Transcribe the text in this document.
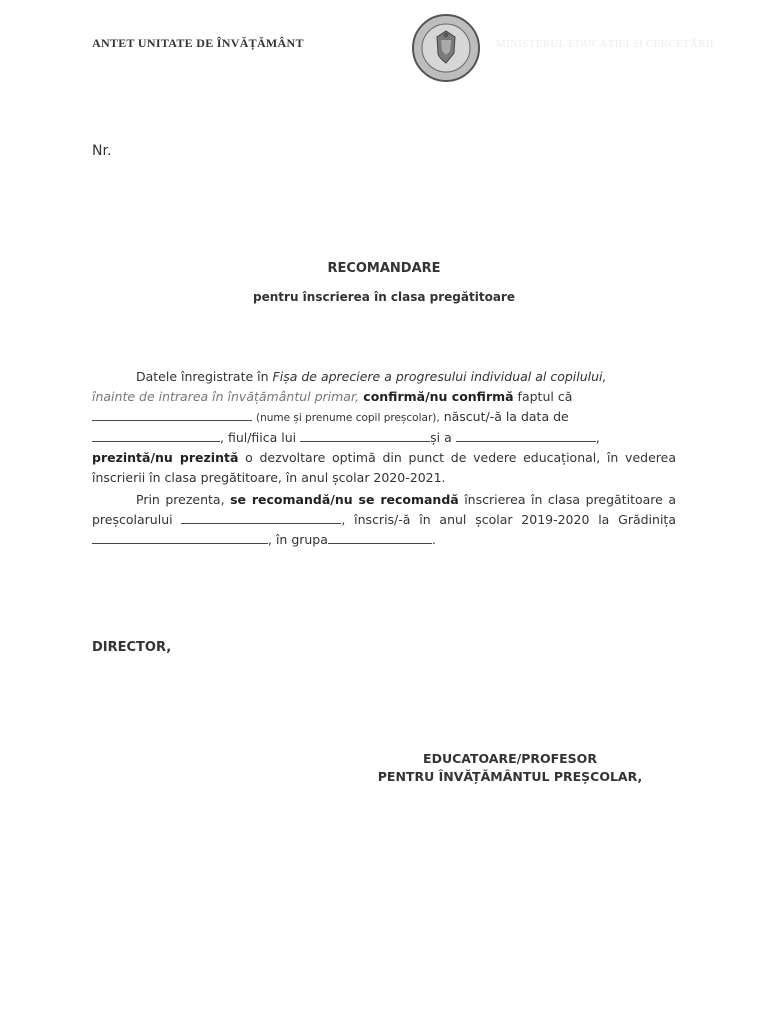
ANTET UNITATE DE ÎNVĂȚĂMÂNT	MINISTERUL EDUCAȚIEI ȘI CERCETĂRII
Nr.
RECOMANDARE
pentru înscrierea în clasa pregătitoare
Datele înregistrate în Fișa de apreciere a progresului individual al copilului,
înainte de intrarea în învățământul primar, confirmă/nu confirmă faptul că
(nume și prenume copil preșcolar), născut/-ă la data de
, fiul/fiica lui	și a	,
prezintă/nu prezintă o dezvoltare optimă din punct de vedere educațional, în vederea înscrierii în clasa pregătitoare, în anul școlar 2020-2021.
Prin prezenta, se recomandă/nu se recomandă înscrierea în clasa pregătitoare a preșcolarului	, înscris/-ă în anul școlar 2019-2020 la Grădinița , în grupa	.
DIRECTOR,
EDUCATOARE/PROFESOR
PENTRU ÎNVĂȚĂMÂNTUL PREȘCOLAR,
